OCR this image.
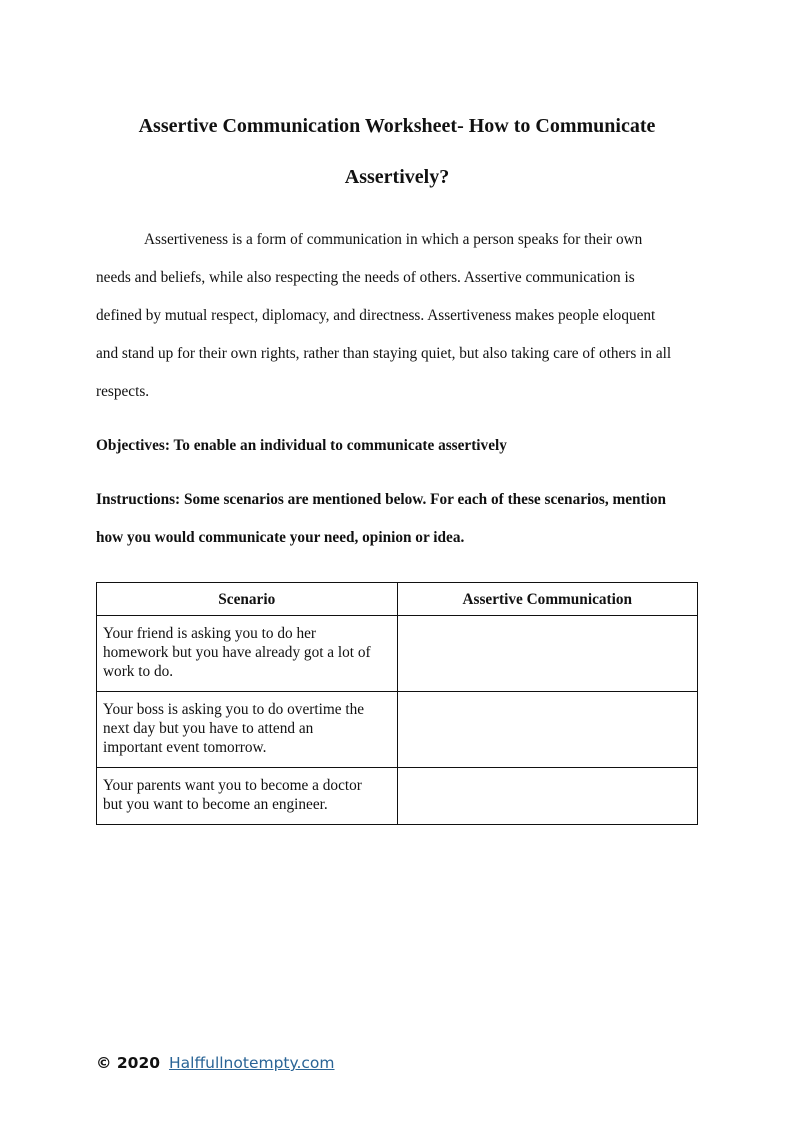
Assertive Communication Worksheet- How to Communicate
Assertively?
Assertiveness is a form of communication in which a person speaks for their own
needs and beliefs, while also respecting the needs of others. Assertive communication is
defined by mutual respect, diplomacy, and directness. Assertiveness makes people eloquent
and stand up for their own rights, rather than staying quiet, but also taking care of others in all
respects.
Objectives: To enable an individual to communicate assertively
Instructions: Some scenarios are mentioned below. For each of these scenarios, mention
how you would communicate your need, opinion or idea.
Scenario	Assertive Communication

Your friend is asking you to do her
homework but you have already got a lot of
work to do.	

Your boss is asking you to do overtime the
next day but you have to attend an
important event tomorrow.	

Your parents want you to become a doctor
but you want to become an engineer.	

© 2020 Halffullnotempty.com
